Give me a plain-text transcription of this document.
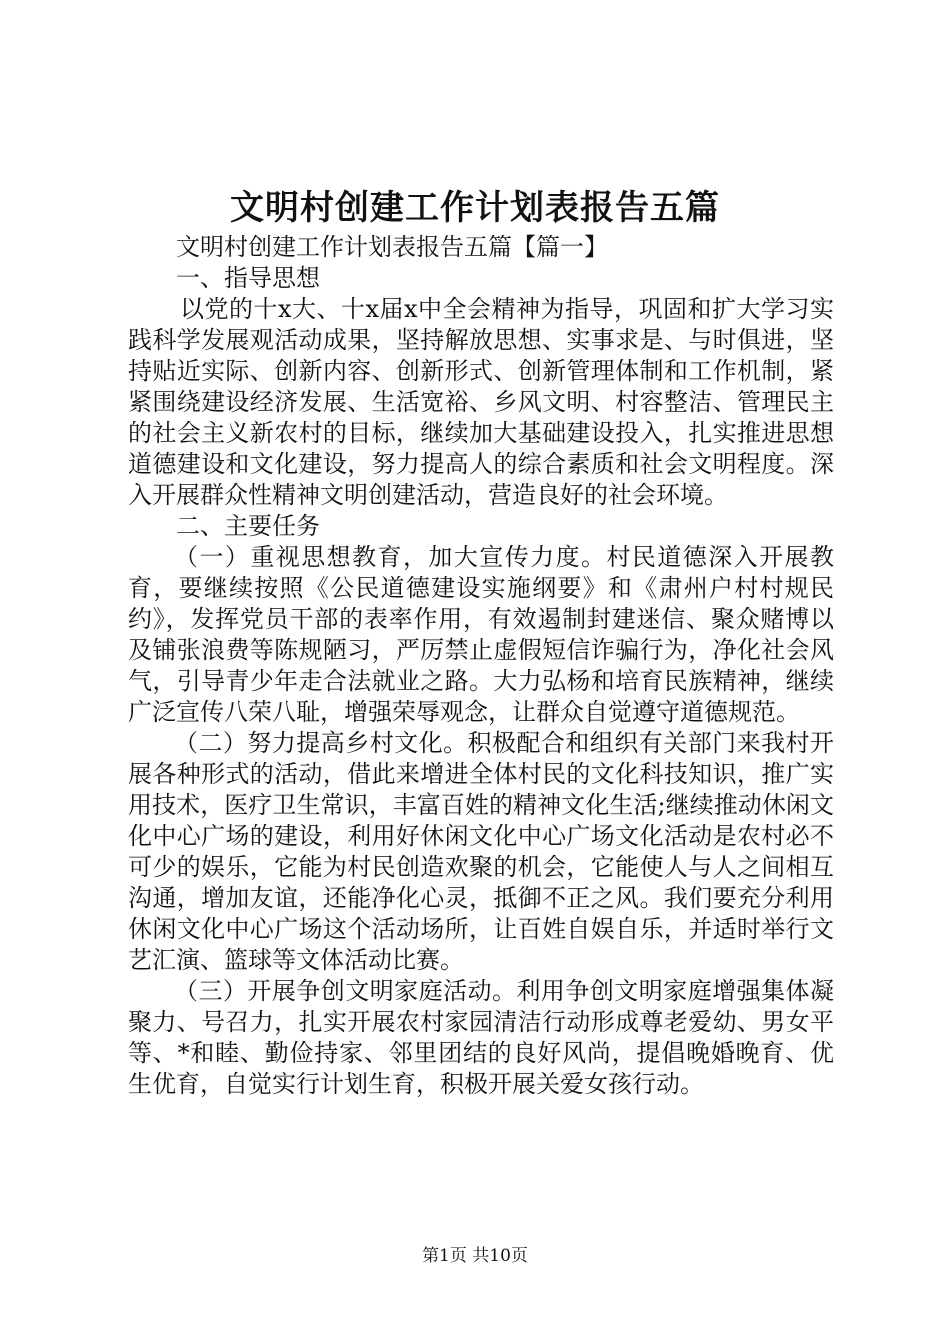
文明村创建工作计划表报告五篇

文明村创建工作计划表报告五篇【篇一】

一、指导思想

以党的十x大、十x届x中全会精神为指导，巩固和扩大学习实践科学发展观活动成果，坚持解放思想、实事求是、与时俱进，坚持贴近实际、创新内容、创新形式、创新管理体制和工作机制，紧紧围绕建设经济发展、生活宽裕、乡风文明、村容整洁、管理民主的社会主义新农村的目标，继续加大基础建设投入，扎实推进思想道德建设和文化建设，努力提高人的综合素质和社会文明程度。深入开展群众性精神文明创建活动，营造良好的社会环境。

二、主要任务

（一）重视思想教育，加大宣传力度。村民道德深入开展教育，要继续按照《公民道德建设实施纲要》和《肃州户村村规民约》，发挥党员干部的表率作用，有效遏制封建迷信、聚众赌博以及铺张浪费等陈规陋习，严厉禁止虚假短信诈骗行为，净化社会风气，引导青少年走合法就业之路。大力弘杨和培育民族精神，继续广泛宣传八荣八耻，增强荣辱观念，让群众自觉遵守道德规范。

（二）努力提高乡村文化。积极配合和组织有关部门来我村开展各种形式的活动，借此来增进全体村民的文化科技知识，推广实用技术，医疗卫生常识，丰富百姓的精神文化生活;继续推动休闲文化中心广场的建设，利用好休闲文化中心广场文化活动是农村必不可少的娱乐，它能为村民创造欢聚的机会，它能使人与人之间相互沟通，增加友谊，还能净化心灵，抵御不正之风。我们要充分利用休闲文化中心广场这个活动场所，让百姓自娱自乐，并适时举行文艺汇演、篮球等文体活动比赛。

（三）开展争创文明家庭活动。利用争创文明家庭增强集体凝聚力、号召力，扎实开展农村家园清洁行动形成尊老爱幼、男女平等、*和睦、勤俭持家、邻里团结的良好风尚，提倡晚婚晚育、优生优育，自觉实行计划生育，积极开展关爱女孩行动。

第1页 共10页
